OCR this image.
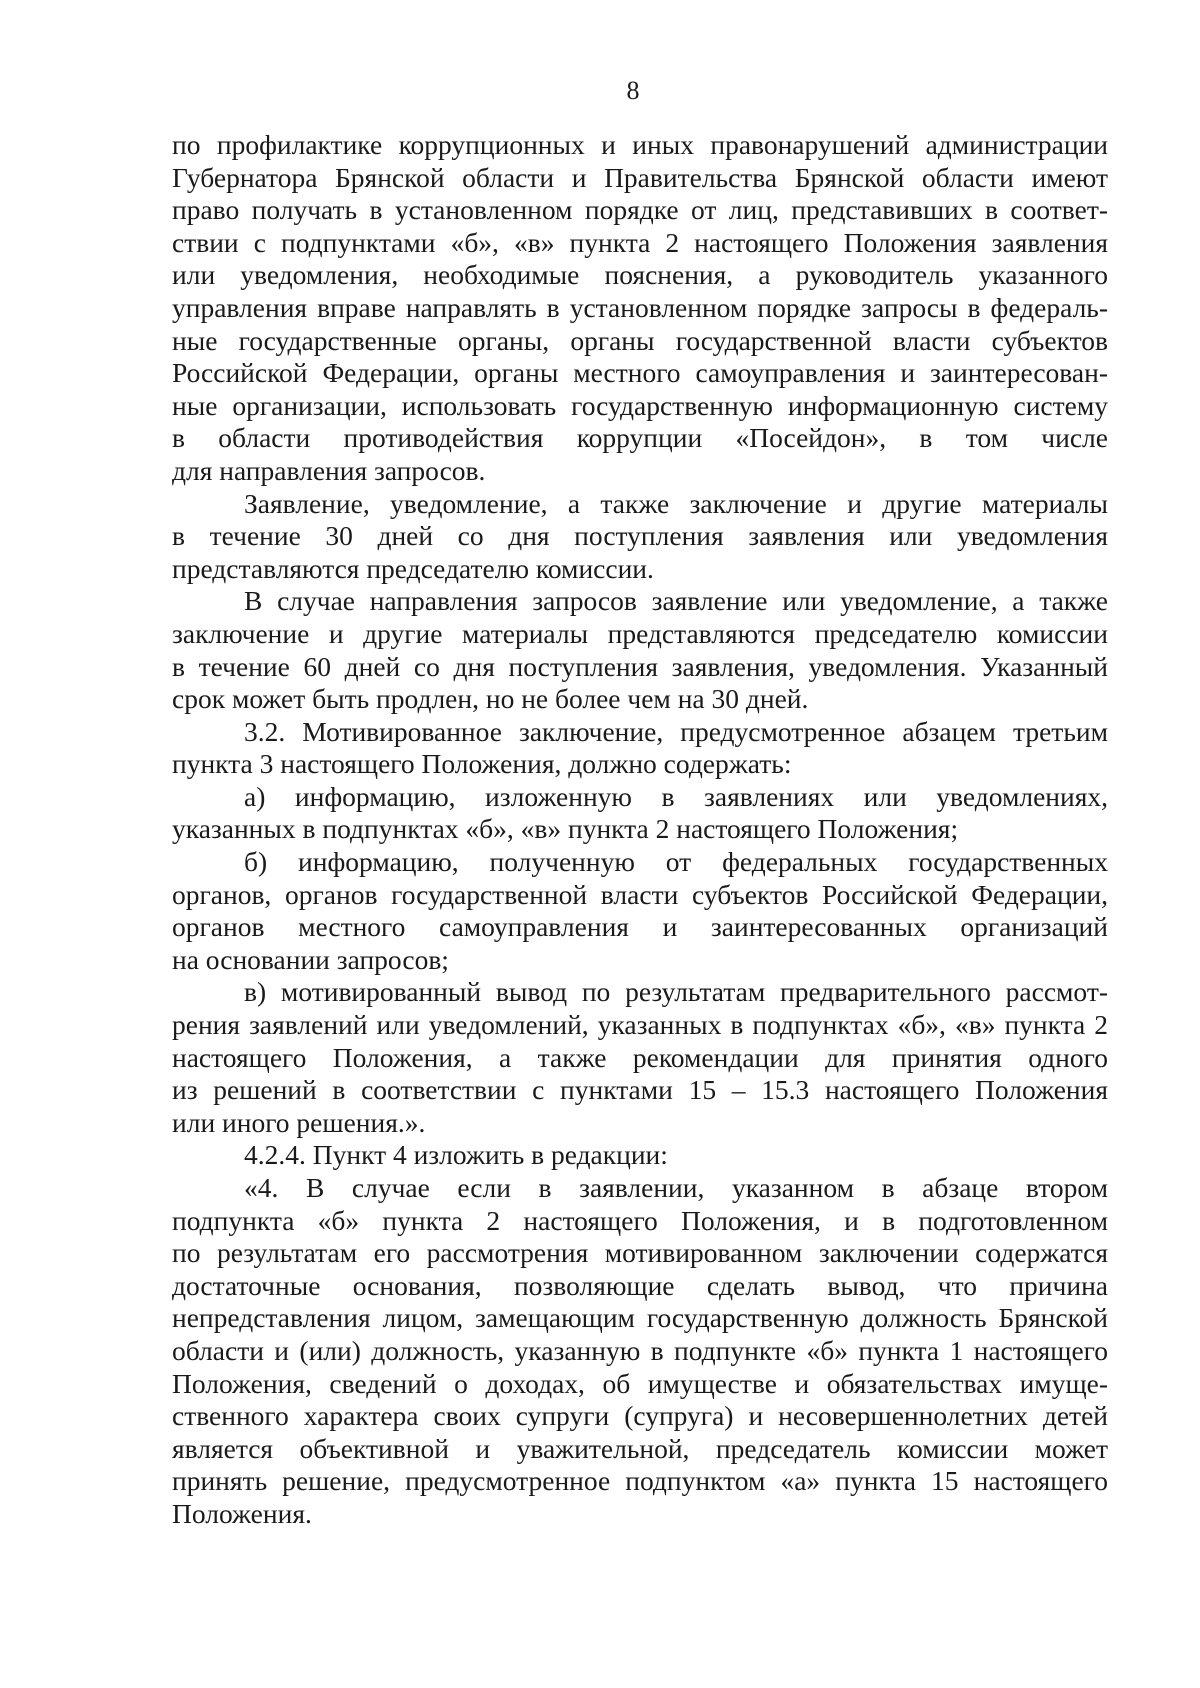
8
по профилактике коррупционных и иных правонарушений администрации
Губернатора Брянской области и Правительства Брянской области имеют
право получать в установленном порядке от лиц, представивших в соответ-
ствии с подпунктами «б», «в» пункта 2 настоящего Положения заявления
или уведомления, необходимые пояснения, а руководитель указанного
управления вправе направлять в установленном порядке запросы в федераль-
ные государственные органы, органы государственной власти субъектов
Российской Федерации, органы местного самоуправления и заинтересован-
ные организации, использовать государственную информационную систему
в области противодействия коррупции «Посейдон», в том числе
для направления запросов.
Заявление, уведомление, а также заключение и другие материалы
в течение 30 дней со дня поступления заявления или уведомления
представляются председателю комиссии.
В случае направления запросов заявление или уведомление, а также
заключение и другие материалы представляются председателю комиссии
в течение 60 дней со дня поступления заявления, уведомления. Указанный
срок может быть продлен, но не более чем на 30 дней.
3.2. Мотивированное заключение, предусмотренное абзацем третьим
пункта 3 настоящего Положения, должно содержать:
а) информацию, изложенную в заявлениях или уведомлениях,
указанных в подпунктах «б», «в» пункта 2 настоящего Положения;
б) информацию, полученную от федеральных государственных
органов, органов государственной власти субъектов Российской Федерации,
органов местного самоуправления и заинтересованных организаций
на основании запросов;
в) мотивированный вывод по результатам предварительного рассмот-
рения заявлений или уведомлений, указанных в подпунктах «б», «в» пункта 2
настоящего Положения, а также рекомендации для принятия одного
из решений в соответствии с пунктами 15 – 15.3 настоящего Положения
или иного решения.».
4.2.4. Пункт 4 изложить в редакции:
«4. В случае если в заявлении, указанном в абзаце втором
подпункта «б» пункта 2 настоящего Положения, и в подготовленном
по результатам его рассмотрения мотивированном заключении содержатся
достаточные основания, позволяющие сделать вывод, что причина
непредставления лицом, замещающим государственную должность Брянской
области и (или) должность, указанную в подпункте «б» пункта 1 настоящего
Положения, сведений о доходах, об имуществе и обязательствах имуще-
ственного характера своих супруги (супруга) и несовершеннолетних детей
является объективной и уважительной, председатель комиссии может
принять решение, предусмотренное подпунктом «а» пункта 15 настоящего
Положения.
